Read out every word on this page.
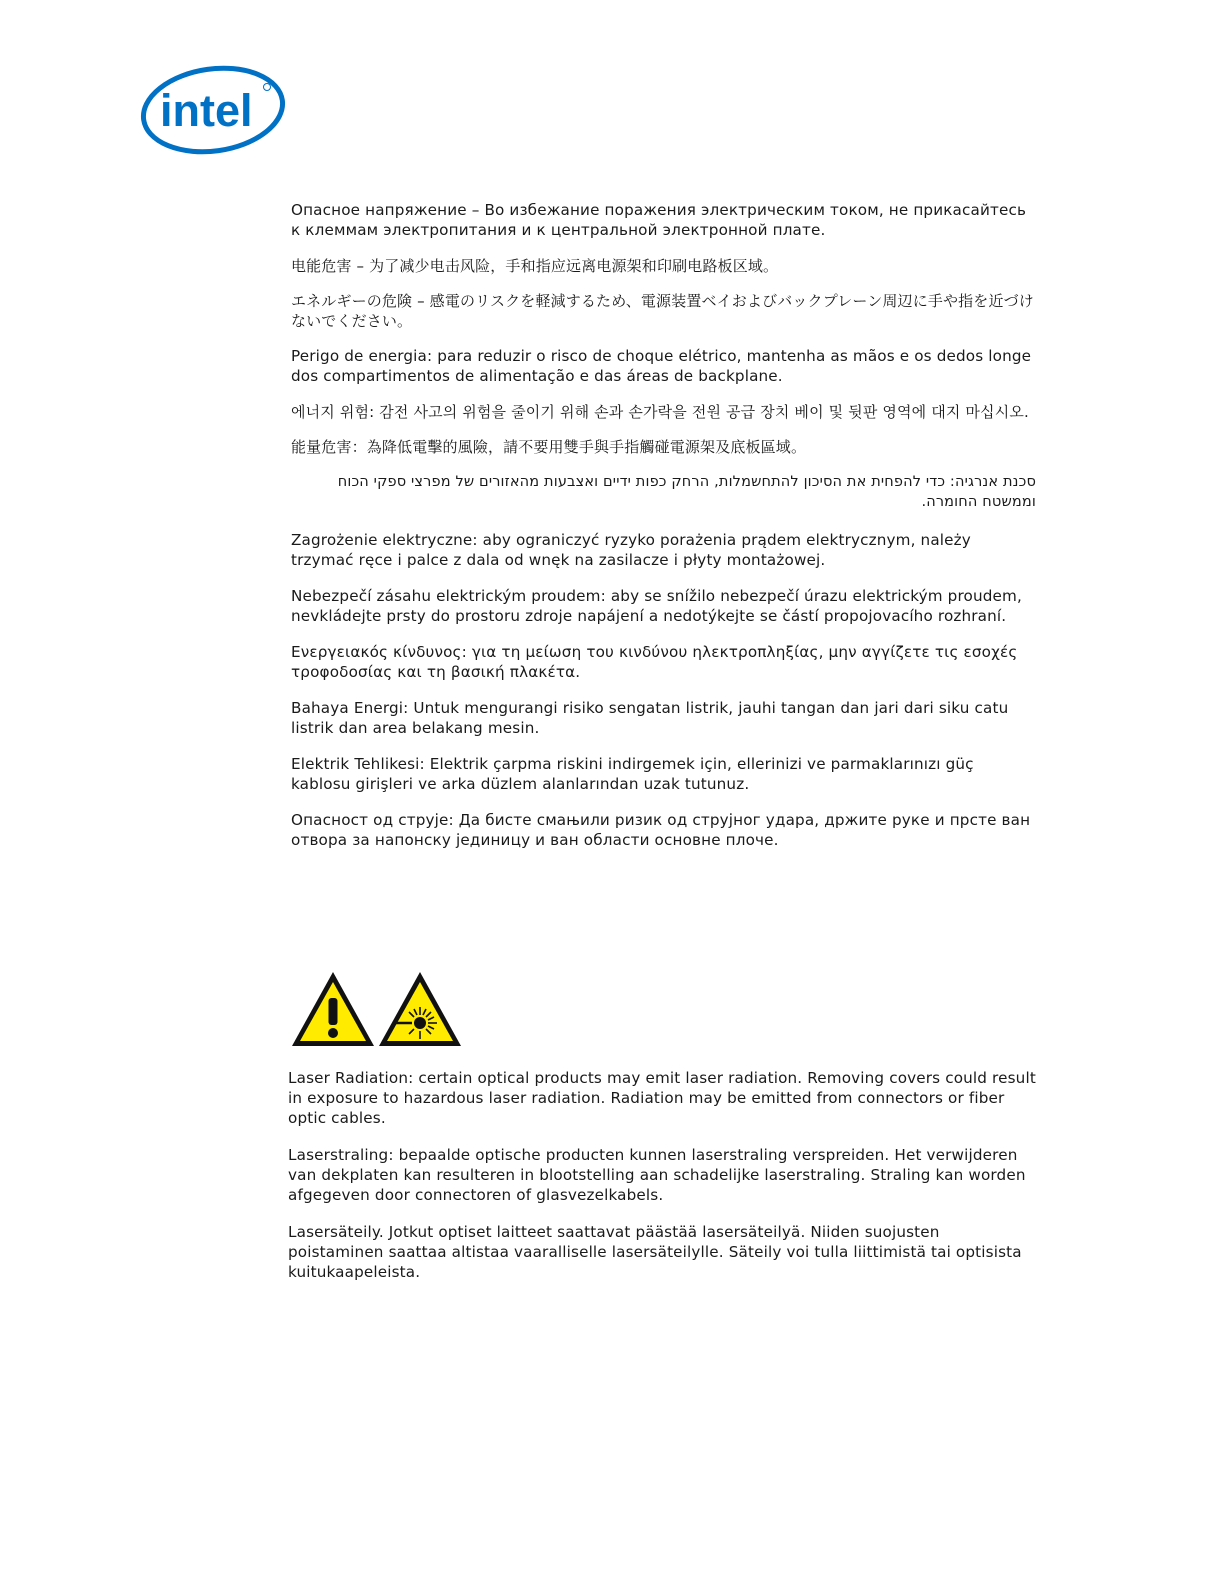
intel

Опасное напряжение – Во избежание поражения электрическим током, не прикасайтесь к клеммам электропитания и к центральной электронной плате.

电能危害 – 为了减少电击风险，手和指应远离电源架和印刷电路板区域。

エネルギーの危険 – 感電のリスクを軽減するため、電源装置ベイおよびバックプレーン周辺に手や指を近づけないでください。

Perigo de energia: para reduzir o risco de choque elétrico, mantenha as mãos e os dedos longe dos compartimentos de alimentação e das áreas de backplane.

에너지 위험: 감전 사고의 위험을 줄이기 위해 손과 손가락을 전원 공급 장치 베이 및 뒷판 영역에 대지 마십시오.

能量危害：為降低電擊的風險，請不要用雙手與手指觸碰電源架及底板區域。

סכנת אנרגיה: כדי להפחית את הסיכון להתחשמלות, הרחק כפות ידיים ואצבעות מהאזורים של מפרצי ספקי הכוח וממשטח החומרה.

Zagrożenie elektryczne: aby ograniczyć ryzyko porażenia prądem elektrycznym, należy trzymać ręce i palce z dala od wnęk na zasilacze i płyty montażowej.

Nebezpečí zásahu elektrickým proudem: aby se snížilo nebezpečí úrazu elektrickým proudem, nevkládejte prsty do prostoru zdroje napájení a nedotýkejte se částí propojovacího rozhraní.

Ενεργειακός κίνδυνος: για τη μείωση του κινδύνου ηλεκτροπληξίας, μην αγγίζετε τις εσοχές τροφοδοσίας και τη βασική πλακέτα.

Bahaya Energi: Untuk mengurangi risiko sengatan listrik, jauhi tangan dan jari dari siku catu listrik dan area belakang mesin.

Elektrik Tehlikesi: Elektrik çarpma riskini indirgemek için, ellerinizi ve parmaklarınızı güç kablosu girişleri ve arka düzlem alanlarından uzak tutunuz.

Опасност од струје: Да бисте смањили ризик од струјног удара, држите руке и прсте ван отвора за напонску јединицу и ван области основне плоче.

Laser Radiation: certain optical products may emit laser radiation. Removing covers could result in exposure to hazardous laser radiation. Radiation may be emitted from connectors or fiber optic cables.

Laserstraling: bepaalde optische producten kunnen laserstraling verspreiden. Het verwijderen van dekplaten kan resulteren in blootstelling aan schadelijke laserstraling. Straling kan worden afgegeven door connectoren of glasvezelkabels.

Lasersäteily. Jotkut optiset laitteet saattavat päästää lasersäteilyä. Niiden suojusten poistaminen saattaa altistaa vaaralliselle lasersäteilylle. Säteily voi tulla liittimistä tai optisista kuitukaapeleista.
